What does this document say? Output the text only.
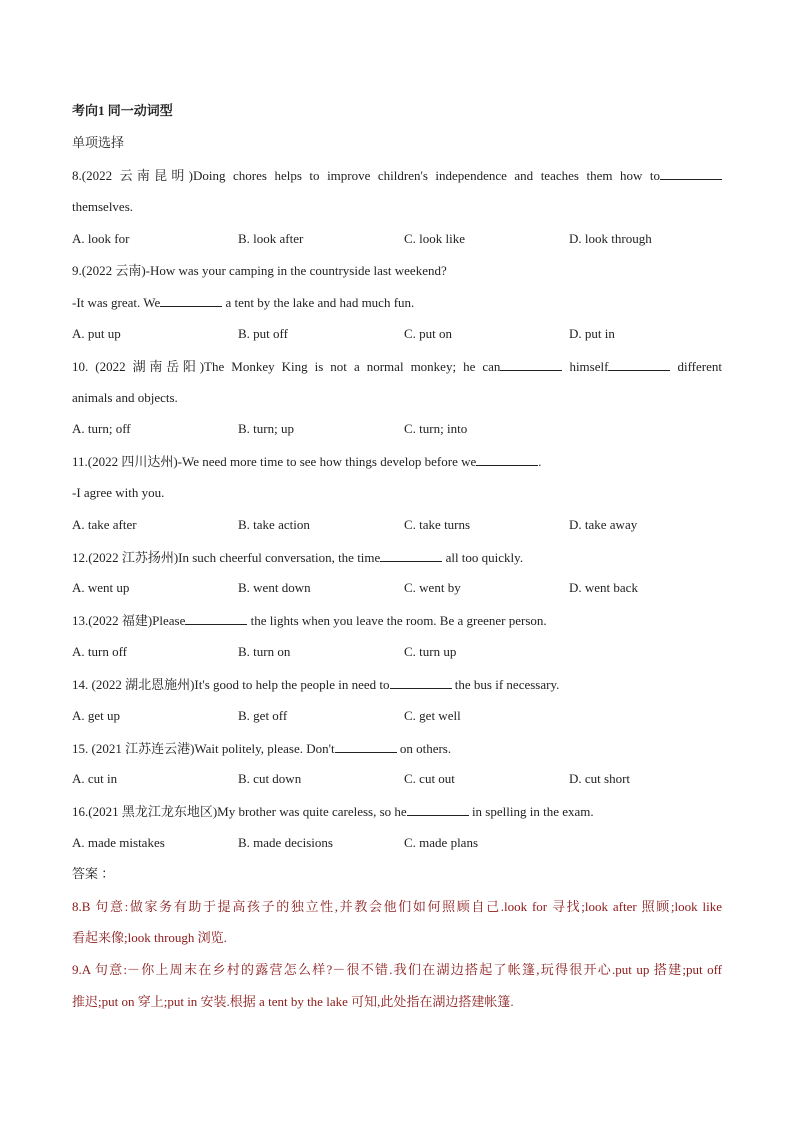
考向1 同一动词型
单项选择
8.(2022 云南昆明)Doing chores helps to improve children's independence and teaches them how to
themselves.
A. look for	B. look after	C. look like	D. look through
9.(2022 云南)-How was your camping in the countryside last weekend?
-It was great. We	a tent by the lake and had much fun.
A. put up	B. put off	C. put on	D. put in
10. (2022 湖南岳阳)The Monkey King is not a normal monkey; he can	himself	different
animals and objects.
A. turn; off	B. turn; up	C. turn; into
11.(2022 四川达州)-We need more time to see how things develop before we	.
-I agree with you.
A. take after	B. take action	C. take turns	D. take away
12.(2022 江苏扬州)In such cheerful conversation, the time	all too quickly.
A. went up	B. went down	C. went by	D. went back
13.(2022 福建)Please	the lights when you leave the room. Be a greener person.
A. turn off	B. turn on	C. turn up
14. (2022 湖北恩施州)It's good to help the people in need to	the bus if necessary.
A. get up	B. get off	C. get well
15. (2021 江苏连云港)Wait politely, please. Don't	on others.
A. cut in	B. cut down	C. cut out	D. cut short
16.(2021 黑龙江龙东地区)My brother was quite careless, so he	in spelling in the exam.
A. made mistakes	B. made decisions	C. made plans
答案 ：
8.B 句意:做家务有助于提高孩子的独立性,并教会他们如何照顾自己.look for 寻找;look after 照顾;look like
看起来像;look through 浏览.
9.A 句意:－你上周末在乡村的露营怎么样?－很不错.我们在湖边搭起了帐篷,玩得很开心.put up 搭建;put off
推迟;put on 穿上;put in 安装.根据 a tent by the lake 可知,此处指在湖边搭建帐篷.
